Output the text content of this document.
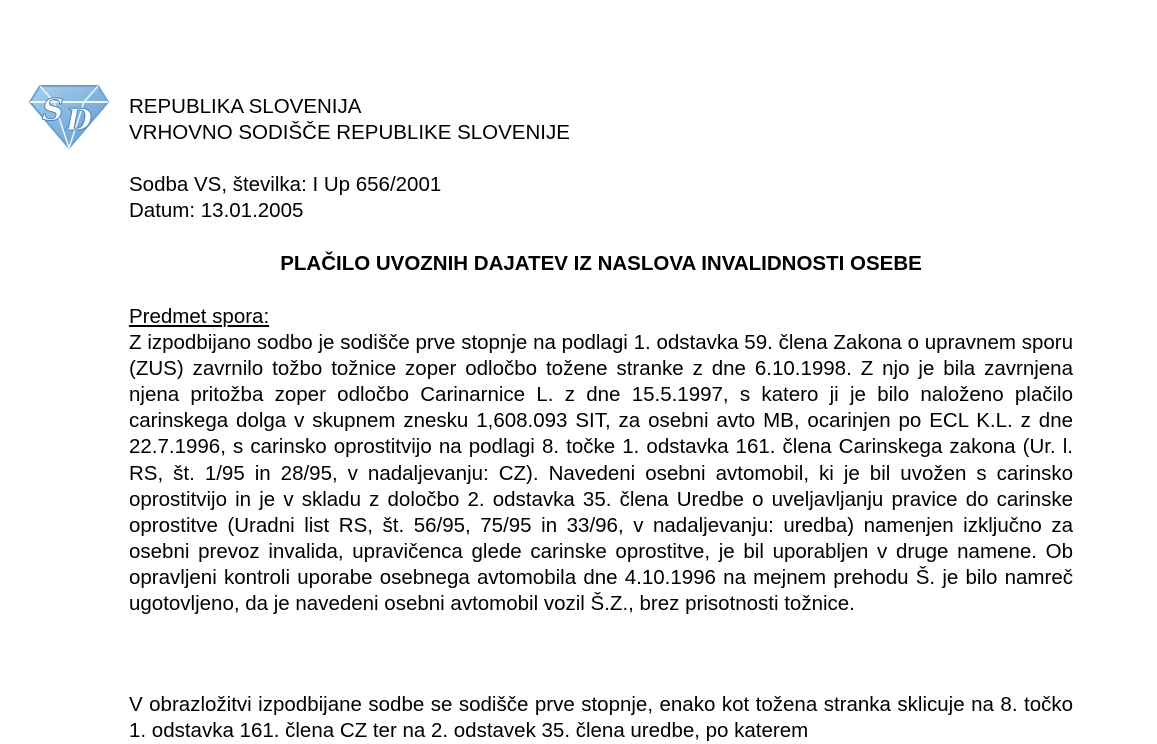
S D REPUBLIKA SLOVENIJA
VRHOVNO SODIŠČE REPUBLIKE SLOVENIJE
Sodba VS, številka: I Up 656/2001
Datum: 13.01.2005
PLAČILO UVOZNIH DAJATEV IZ NASLOVA INVALIDNOSTI OSEBE
Predmet spora:

Z izpodbijano sodbo je sodišče prve stopnje na podlagi 1. odstavka 59. člena Zakona o upravnem sporu (ZUS) zavrnilo tožbo tožnice zoper odločbo tožene stranke z dne 6.10.1998. Z njo je bila zavrnjena njena pritožba zoper odločbo Carinarnice L. z dne 15.5.1997, s katero ji je bilo naloženo plačilo carinskega dolga v skupnem znesku 1,608.093 SIT, za osebni avto MB, ocarinjen po ECL K.L. z dne 22.7.1996, s carinsko oprostitvijo na podlagi 8. točke 1. odstavka 161. člena Carinskega zakona (Ur. l. RS, št. 1/95 in 28/95, v nadaljevanju: CZ). Navedeni osebni avtomobil, ki je bil uvožen s carinsko oprostitvijo in je v skladu z določbo 2. odstavka 35. člena Uredbe o uveljavljanju pravice do carinske oprostitve (Uradni list RS, št. 56/95, 75/95 in 33/96, v nadaljevanju: uredba) namenjen izključno za osebni prevoz invalida, upravičenca glede carinske oprostitve, je bil uporabljen v druge namene. Ob opravljeni kontroli uporabe osebnega avtomobila dne 4.10.1996 na mejnem prehodu Š. je bilo namreč ugotovljeno, da je navedeni osebni avtomobil vozil Š.Z., brez prisotnosti tožnice.

V obrazložitvi izpodbijane sodbe se sodišče prve stopnje, enako kot tožena stranka sklicuje na 8. točko 1. odstavka 161. člena CZ ter na 2. odstavek 35. člena uredbe, po katerem
